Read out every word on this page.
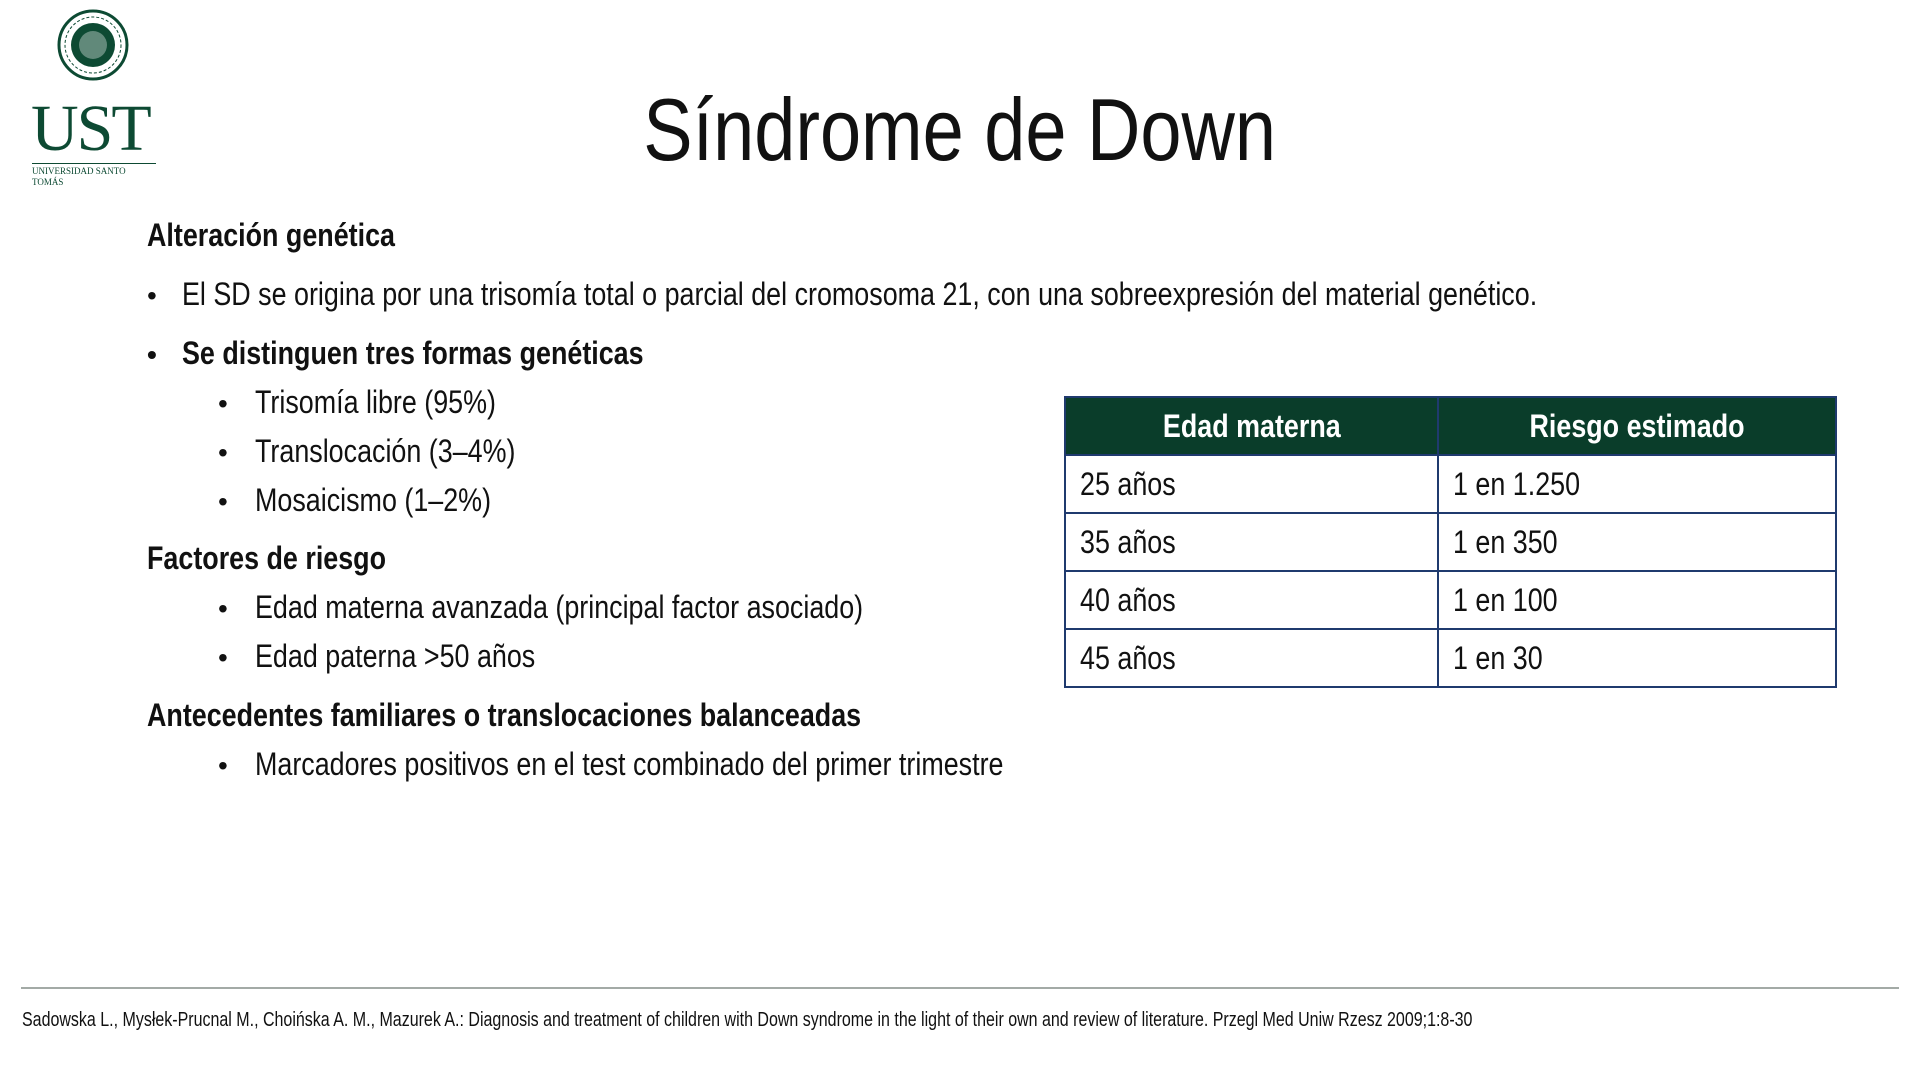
UST
UNIVERSIDAD SANTO TOMÁS
Síndrome de Down
Alteración genética
• El SD se origina por una trisomía total o parcial del cromosoma 21, con una sobreexpresión del material genético.
• Se distinguen tres formas genéticas
• Trisomía libre (95%)
• Translocación (3–4%)
• Mosaicismo (1–2%)
Factores de riesgo
• Edad materna avanzada (principal factor asociado)
• Edad paterna >50 años
Antecedentes familiares o translocaciones balanceadas
• Marcadores positivos en el test combinado del primer trimestre
Edad materna	Riesgo estimado
25 años	1 en 1.250
35 años	1 en 350
40 años	1 en 100
45 años	1 en 30
Sadowska L., Mysłek-Prucnal M., Choińska A. M., Mazurek A.: Diagnosis and treatment of children with Down syndrome in the light of their own and review of literature. Przegl Med Uniw Rzesz 2009;1:8-30
